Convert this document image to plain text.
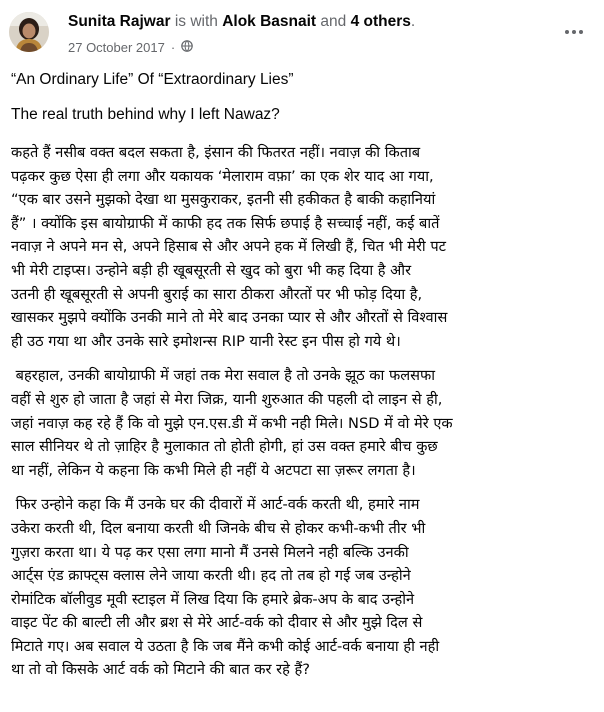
Sunita Rajwar is with Alok Basnait and 4 others.
27 October 2017 ·
“An Ordinary Life” Of “Extraordinary Lies”
The real truth behind why I left Nawaz?

कहते हैं नसीब वक्त बदल सकता है, इंसान की फितरत नहीं। नवाज़ की किताब
पढ़कर कुछ ऐसा ही लगा और यकायक ‘मेलाराम वफ़ा’ का एक शेर याद आ गया,
“एक बार उसने मुझको देखा था मुसकुराकर, इतनी सी हकीकत है बाकी कहानियां
हैं” । क्योंकि इस बायोग्राफी में काफी हद तक सिर्फ छपाई है सच्चाई नहीं, कई बातें
नवाज़ ने अपने मन से, अपने हिसाब से और अपने हक में लिखी हैं, चित भी मेरी पट
भी मेरी टाइप्स। उन्होने बड़ी ही खूबसूरती से खुद को बुरा भी कह दिया है और
उतनी ही खूबसूरती से अपनी बुराई का सारा ठीकरा औरतों पर भी फोड़ दिया है,
खासकर मुझपे क्योंकि उनकी माने तो मेरे बाद उनका प्यार से और औरतों से विश्वास
ही उठ गया था और उनके सारे इमोशन्स RIP यानी रेस्ट इन पीस हो गये थे।

बहरहाल, उनकी बायोग्राफी में जहां तक मेरा सवाल है तो उनके झूठ का फलसफा
वहीं से शुरु हो जाता है जहां से मेरा जिक्र, यानी शुरुआत की पहली दो लाइन से ही,
जहां नवाज़ कह रहे हैं कि वो मुझे एन.एस.डी में कभी नही मिले। NSD में वो मेरे एक
साल सीनियर थे तो ज़ाहिर है मुलाकात तो होती होगी, हां उस वक्त हमारे बीच कुछ
था नहीं, लेकिन ये कहना कि कभी मिले ही नहीं ये अटपटा सा ज़रूर लगता है।

फिर उन्होने कहा कि मैं उनके घर की दीवारों में आर्ट-वर्क करती थी, हमारे नाम
उकेरा करती थी, दिल बनाया करती थी जिनके बीच से होकर कभी-कभी तीर भी
गुज़रा करता था। ये पढ़ कर एसा लगा मानो मैं उनसे मिलने नही बल्कि उनकी
आर्ट्स एंड क्राफ्ट्स क्लास लेने जाया करती थी। हद तो तब हो गई जब उन्होने
रोमांटिक बॉलीवुड मूवी स्टाइल में लिख दिया कि हमारे ब्रेक-अप के बाद उन्होने
वाइट पेंट की बाल्टी ली और ब्रश से मेरे आर्ट-वर्क को दीवार से और मुझे दिल से
मिटाते गए। अब सवाल ये उठता है कि जब मैंने कभी कोई आर्ट-वर्क बनाया ही नही
था तो वो किसके आर्ट वर्क को मिटाने की बात कर रहे हैं?
